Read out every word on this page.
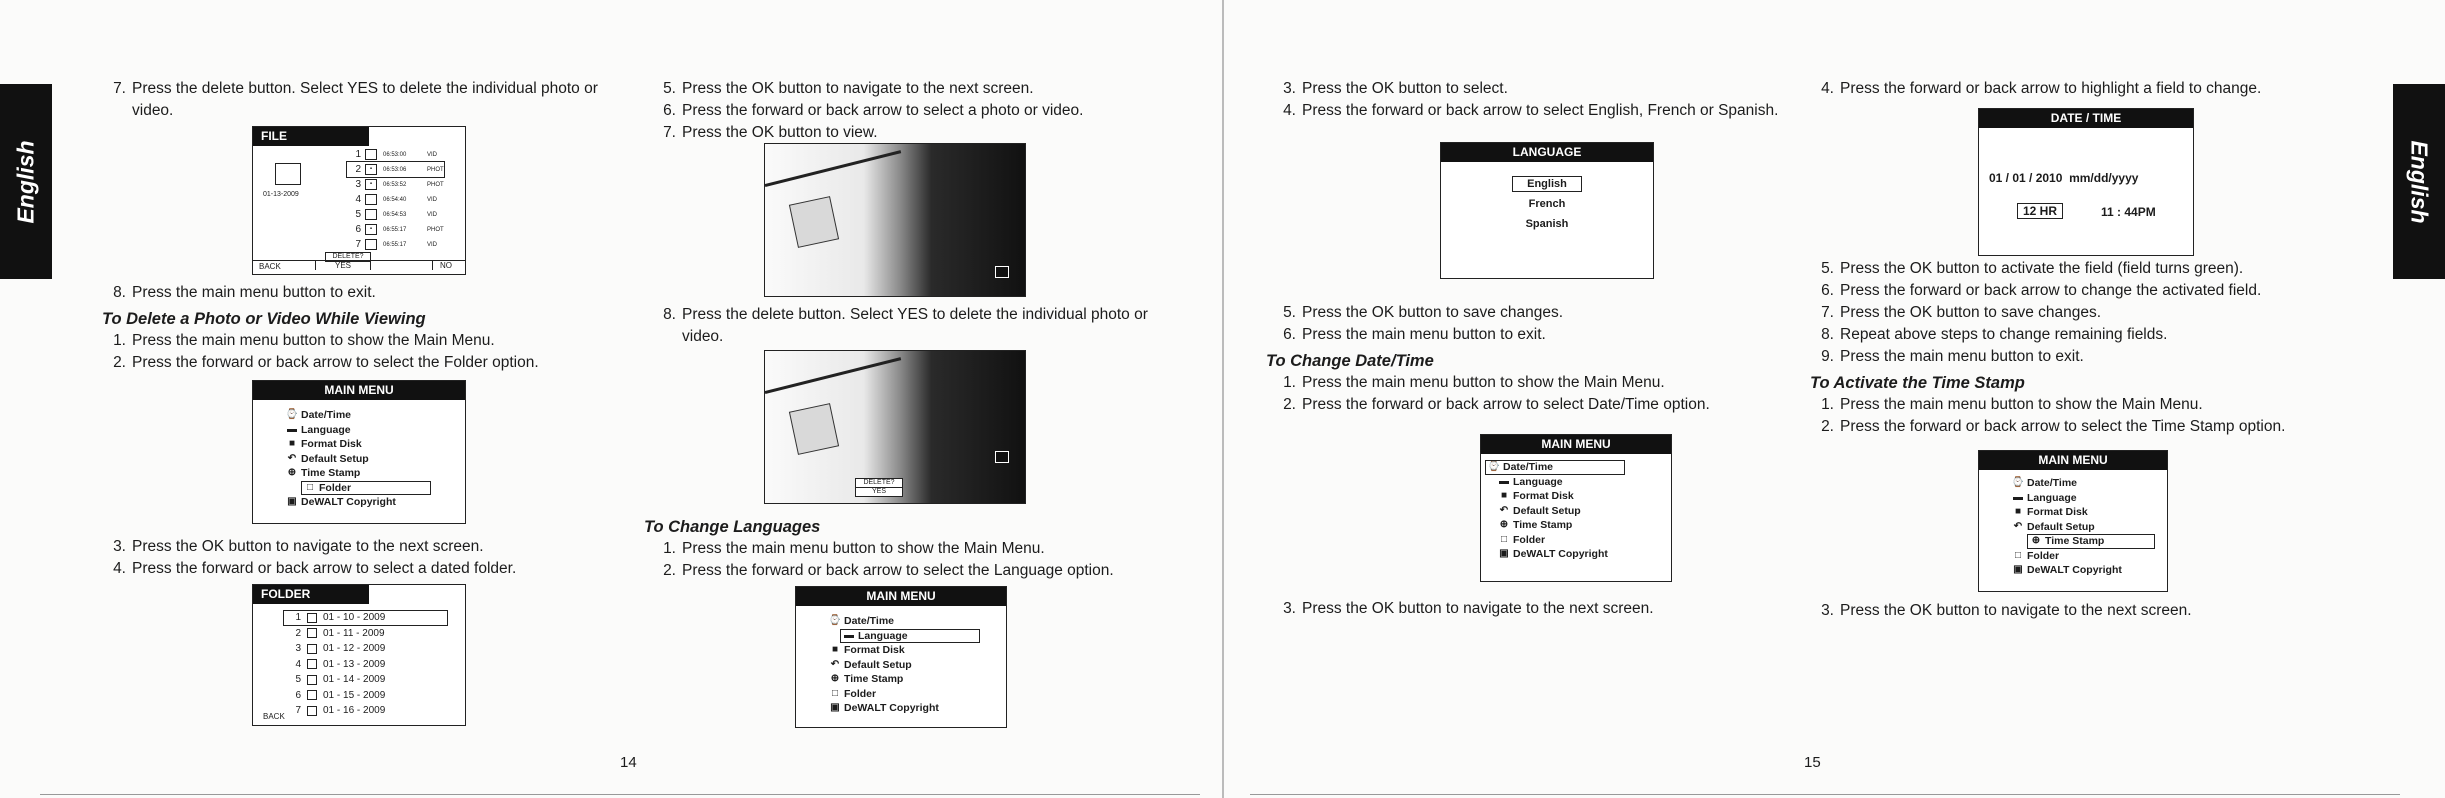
English	English
7. Press the delete button. Select YES to delete the individual photo or video.
FILE
01-13-2009
1	06:53:00	VID
2	▪	06:53:06	PHOT
3	▪	06:53:52	PHOT
4	06:54:40	VID
5	06:54:53	VID
6	▪	06:55:17	PHOT
7	06:55:17	VID
DELETE?
BACK	YES	NO
8. Press the main menu button to exit.
To Delete a Photo or Video While Viewing
1. Press the main menu button to show the Main Menu.
2. Press the forward or back arrow to select the Folder option.
MAIN MENU
⌚ Date/Time
▬ Language
■ Format Disk
↶ Default Setup
⊕ Time Stamp
□ Folder
▣ DeWALT Copyright
3. Press the OK button to navigate to the next screen.
4. Press the forward or back arrow to select a dated folder.
FOLDER
1 01 - 10 - 2009
2 01 - 11 - 2009
3 01 - 12 - 2009
4 01 - 13 - 2009
5 01 - 14 - 2009
6 01 - 15 - 2009
7 01 - 16 - 2009
BACK
5. Press the OK button to navigate to the next screen.
6. Press the forward or back arrow to select a photo or video.
7. Press the OK button to view.
8. Press the delete button. Select YES to delete the individual photo or video.
DELETE?
YES
To Change Languages
1. Press the main menu button to show the Main Menu.
2. Press the forward or back arrow to select the Language option.
MAIN MENU
⌚ Date/Time
▬ Language
■ Format Disk
↶ Default Setup
⊕ Time Stamp
□ Folder
▣ DeWALT Copyright
14
3. Press the OK button to select.
4. Press the forward or back arrow to select English, French or Spanish.
LANGUAGE
English
French
Spanish
5. Press the OK button to save changes.
6. Press the main menu button to exit.
To Change Date/Time
1. Press the main menu button to show the Main Menu.
2. Press the forward or back arrow to select Date/Time option.
MAIN MENU
⌚ Date/Time
▬ Language
■ Format Disk
↶ Default Setup
⊕ Time Stamp
□ Folder
▣ DeWALT Copyright
3. Press the OK button to navigate to the next screen.
4. Press the forward or back arrow to highlight a field to change.
DATE / TIME
01 / 01 / 2010  mm/dd/yyyy
12 HR	11 : 44PM
5. Press the OK button to activate the field (field turns green).
6. Press the forward or back arrow to change the activated field.
7. Press the OK button to save changes.
8. Repeat above steps to change remaining fields.
9. Press the main menu button to exit.
To Activate the Time Stamp
1. Press the main menu button to show the Main Menu.
2. Press the forward or back arrow to select the Time Stamp option.
MAIN MENU
⌚ Date/Time
▬ Language
■ Format Disk
↶ Default Setup
⊕ Time Stamp
□ Folder
▣ DeWALT Copyright
3. Press the OK button to navigate to the next screen.
15
